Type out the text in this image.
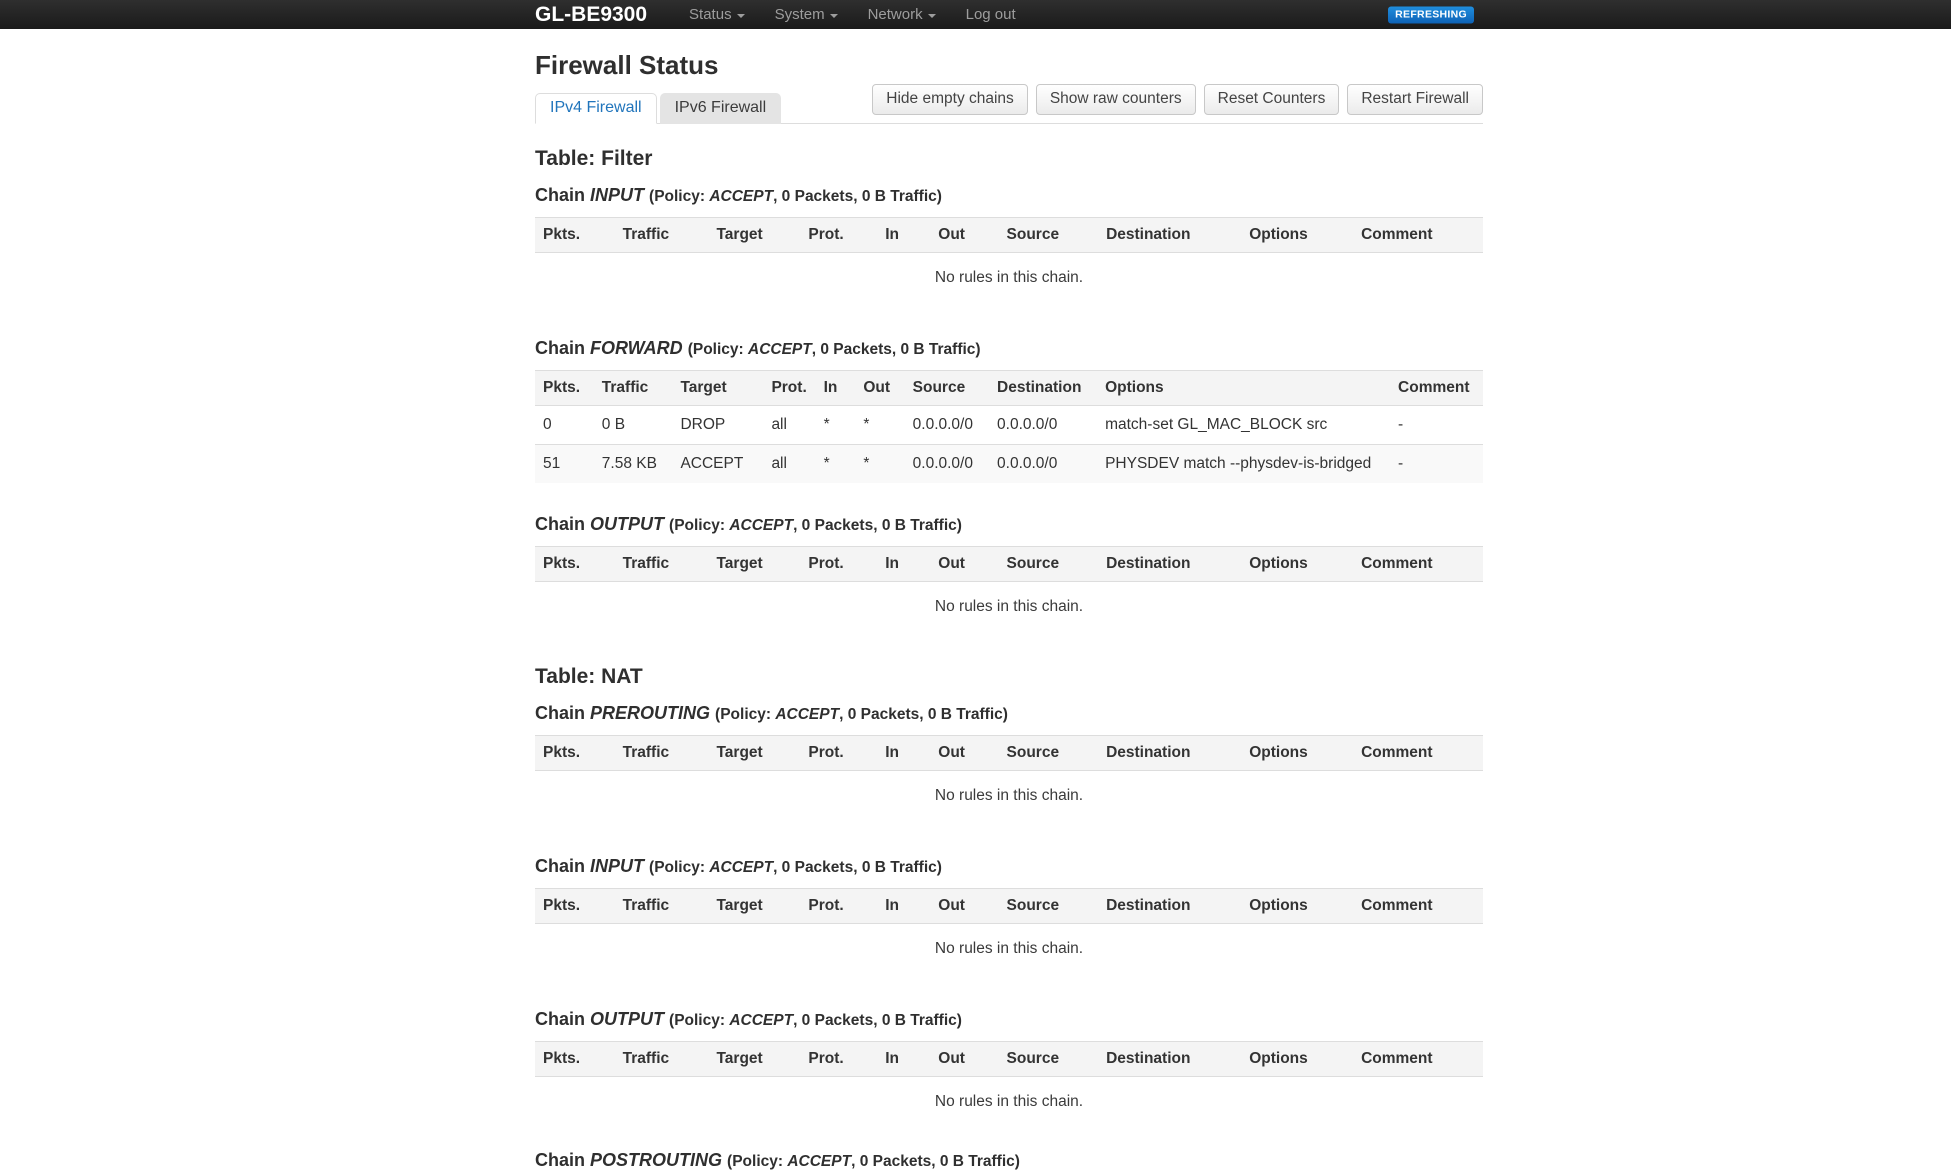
GL-BE9300	Status	System	Network	Log out	REFRESHING
Firewall Status
IPv4 Firewall	IPv6 Firewall
Hide empty chains	Show raw counters	Reset Counters	Restart Firewall
Table: Filter
Chain INPUT (Policy: ACCEPT, 0 Packets, 0 B Traffic)
Pkts.	Traffic	Target	Prot.	In	Out	Source	Destination	Options	Comment
No rules in this chain.
Chain FORWARD (Policy: ACCEPT, 0 Packets, 0 B Traffic)
Pkts.	Traffic	Target	Prot.	In	Out	Source	Destination	Options	Comment
0	0 B	DROP	all	*	*	0.0.0.0/0	0.0.0.0/0	match-set GL_MAC_BLOCK src	-
51	7.58 KB	ACCEPT	all	*	*	0.0.0.0/0	0.0.0.0/0	PHYSDEV match --physdev-is-bridged	-
Chain OUTPUT (Policy: ACCEPT, 0 Packets, 0 B Traffic)
Pkts.	Traffic	Target	Prot.	In	Out	Source	Destination	Options	Comment
No rules in this chain.
Table: NAT
Chain PREROUTING (Policy: ACCEPT, 0 Packets, 0 B Traffic)
Pkts.	Traffic	Target	Prot.	In	Out	Source	Destination	Options	Comment
No rules in this chain.
Chain INPUT (Policy: ACCEPT, 0 Packets, 0 B Traffic)
Pkts.	Traffic	Target	Prot.	In	Out	Source	Destination	Options	Comment
No rules in this chain.
Chain OUTPUT (Policy: ACCEPT, 0 Packets, 0 B Traffic)
Pkts.	Traffic	Target	Prot.	In	Out	Source	Destination	Options	Comment
No rules in this chain.
Chain POSTROUTING (Policy: ACCEPT, 0 Packets, 0 B Traffic)
